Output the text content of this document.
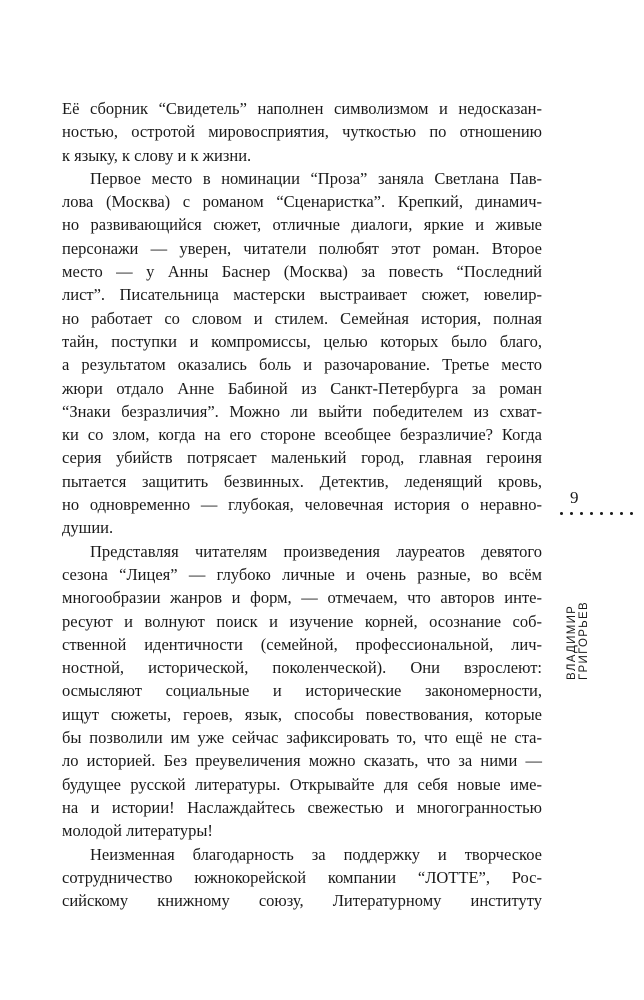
Её сборник “Свидетель” наполнен символизмом и недосказан-
ностью, остротой мировосприятия, чуткостью по отношению
к языку, к слову и к жизни.
Первое место в номинации “Проза” заняла Светлана Пав-
лова (Москва) с романом “Сценаристка”. Крепкий, динамич-
но развивающийся сюжет, отличные диалоги, яркие и живые
персонажи — уверен, читатели полюбят этот роман. Второе
место — у Анны Баснер (Москва) за повесть “Последний
лист”. Писательница мастерски выстраивает сюжет, ювелир-
но работает со словом и стилем. Семейная история, полная
тайн, поступки и компромиссы, целью которых было благо,
а результатом оказались боль и разочарование. Третье место
жюри отдало Анне Бабиной из Санкт-Петербурга за роман
“Знаки безразличия”. Можно ли выйти победителем из схват-
ки со злом, когда на его стороне всеобщее безразличие? Когда
серия убийств потрясает маленький город, главная героиня
пытается защитить безвинных. Детектив, леденящий кровь,
но одновременно — глубокая, человечная история о неравно-
душии.
Представляя читателям произведения лауреатов девятого
сезона “Лицея” — глубоко личные и очень разные, во всём
многообразии жанров и форм, — отмечаем, что авторов инте-
ресуют и волнуют поиск и изучение корней, осознание соб-
ственной идентичности (семейной, профессиональной, лич-
ностной, исторической, поколенческой). Они взрослеют:
осмысляют социальные и исторические закономерности,
ищут сюжеты, героев, язык, способы повествования, которые
бы позволили им уже сейчас зафиксировать то, что ещё не ста-
ло историей. Без преувеличения можно сказать, что за ними —
будущее русской литературы. Открывайте для себя новые име-
на и истории! Наслаждайтесь свежестью и многогранностью
молодой литературы!
Неизменная благодарность за поддержку и творческое
сотрудничество южнокорейской компании “ЛОТТЕ”, Рос-
сийскому книжному союзу, Литературному институту
9
ВЛАДИМИР ГРИГОРЬЕВ
